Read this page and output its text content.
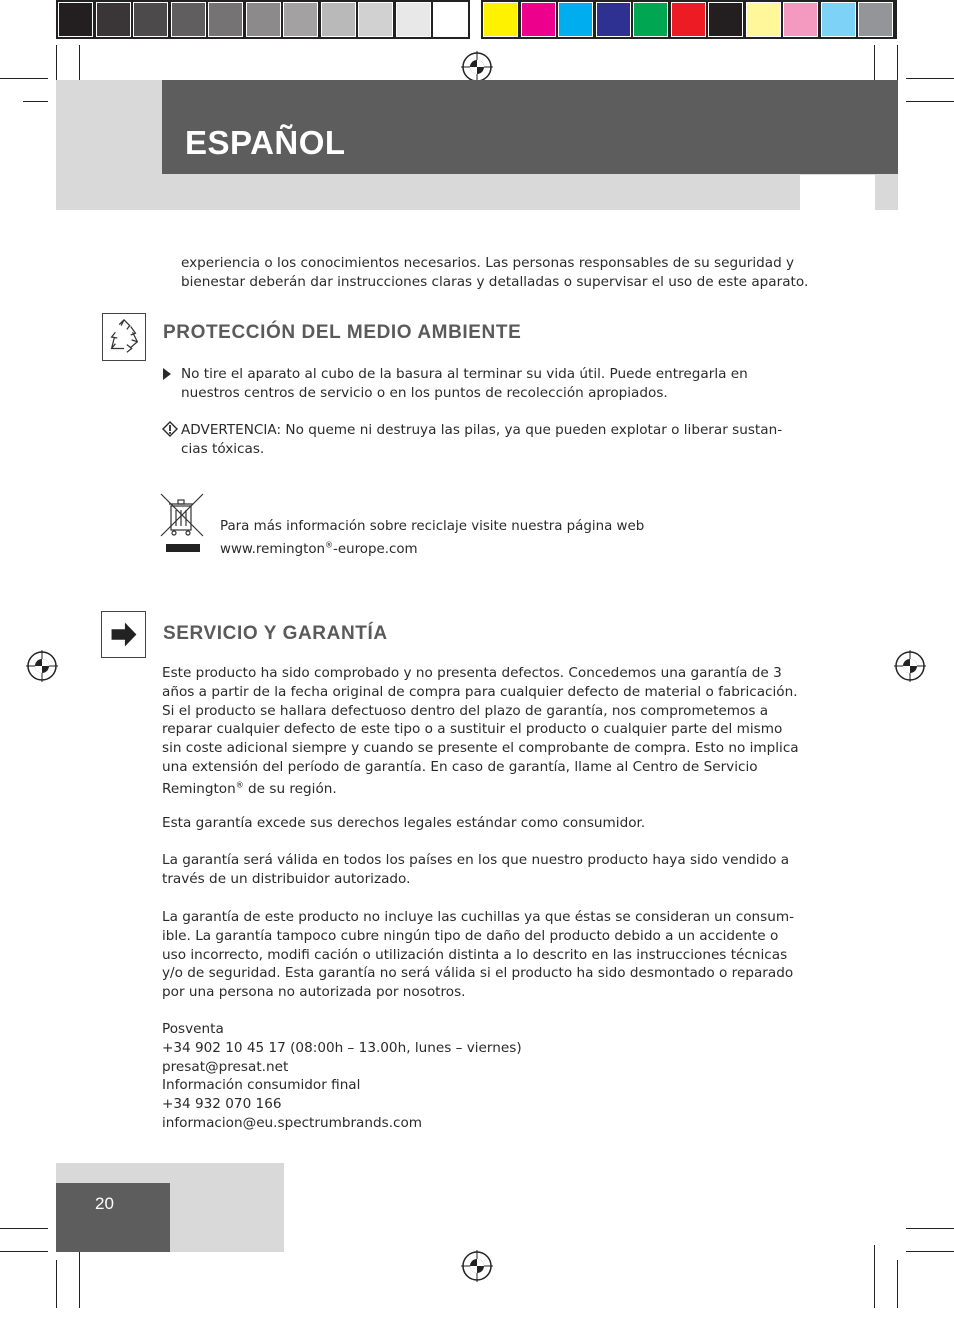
ESPAÑOL

experiencia o los conocimientos necesarios. Las personas responsables de su seguridad y
bienestar deberán dar instrucciones claras y detalladas o supervisar el uso de este aparato.

PROTECCIÓN DEL MEDIO AMBIENTE

No tire el aparato al cubo de la basura al terminar su vida útil. Puede entregarla en
nuestros centros de servicio o en los puntos de recolección apropiados.

ADVERTENCIA: No queme ni destruya las pilas, ya que pueden explotar o liberar sustan-
cias tóxicas.

Para más información sobre reciclaje visite nuestra página web
www.remington®-europe.com

SERVICIO Y GARANTÍA

Este producto ha sido comprobado y no presenta defectos. Concedemos una garantía de 3
años a partir de la fecha original de compra para cualquier defecto de material o fabricación.
Si el producto se hallara defectuoso dentro del plazo de garantía, nos comprometemos a
reparar cualquier defecto de este tipo o a sustituir el producto o cualquier parte del mismo
sin coste adicional siempre y cuando se presente el comprobante de compra. Esto no implica
una extensión del período de garantía. En caso de garantía, llame al Centro de Servicio
Remington® de su región.

Esta garantía excede sus derechos legales estándar como consumidor.

La garantía será válida en todos los países en los que nuestro producto haya sido vendido a
través de un distribuidor autorizado.

La garantía de este producto no incluye las cuchillas ya que éstas se consideran un consum-
ible. La garantía tampoco cubre ningún tipo de daño del producto debido a un accidente o
uso incorrecto, modifi cación o utilización distinta a lo descrito en las instrucciones técnicas
y/o de seguridad. Esta garantía no será válida si el producto ha sido desmontado o reparado
por una persona no autorizada por nosotros.

Posventa
+34 902 10 45 17 (08:00h – 13.00h, lunes – viernes)
presat@presat.net
Información consumidor final
+34 932 070 166
informacion@eu.spectrumbrands.com

20
